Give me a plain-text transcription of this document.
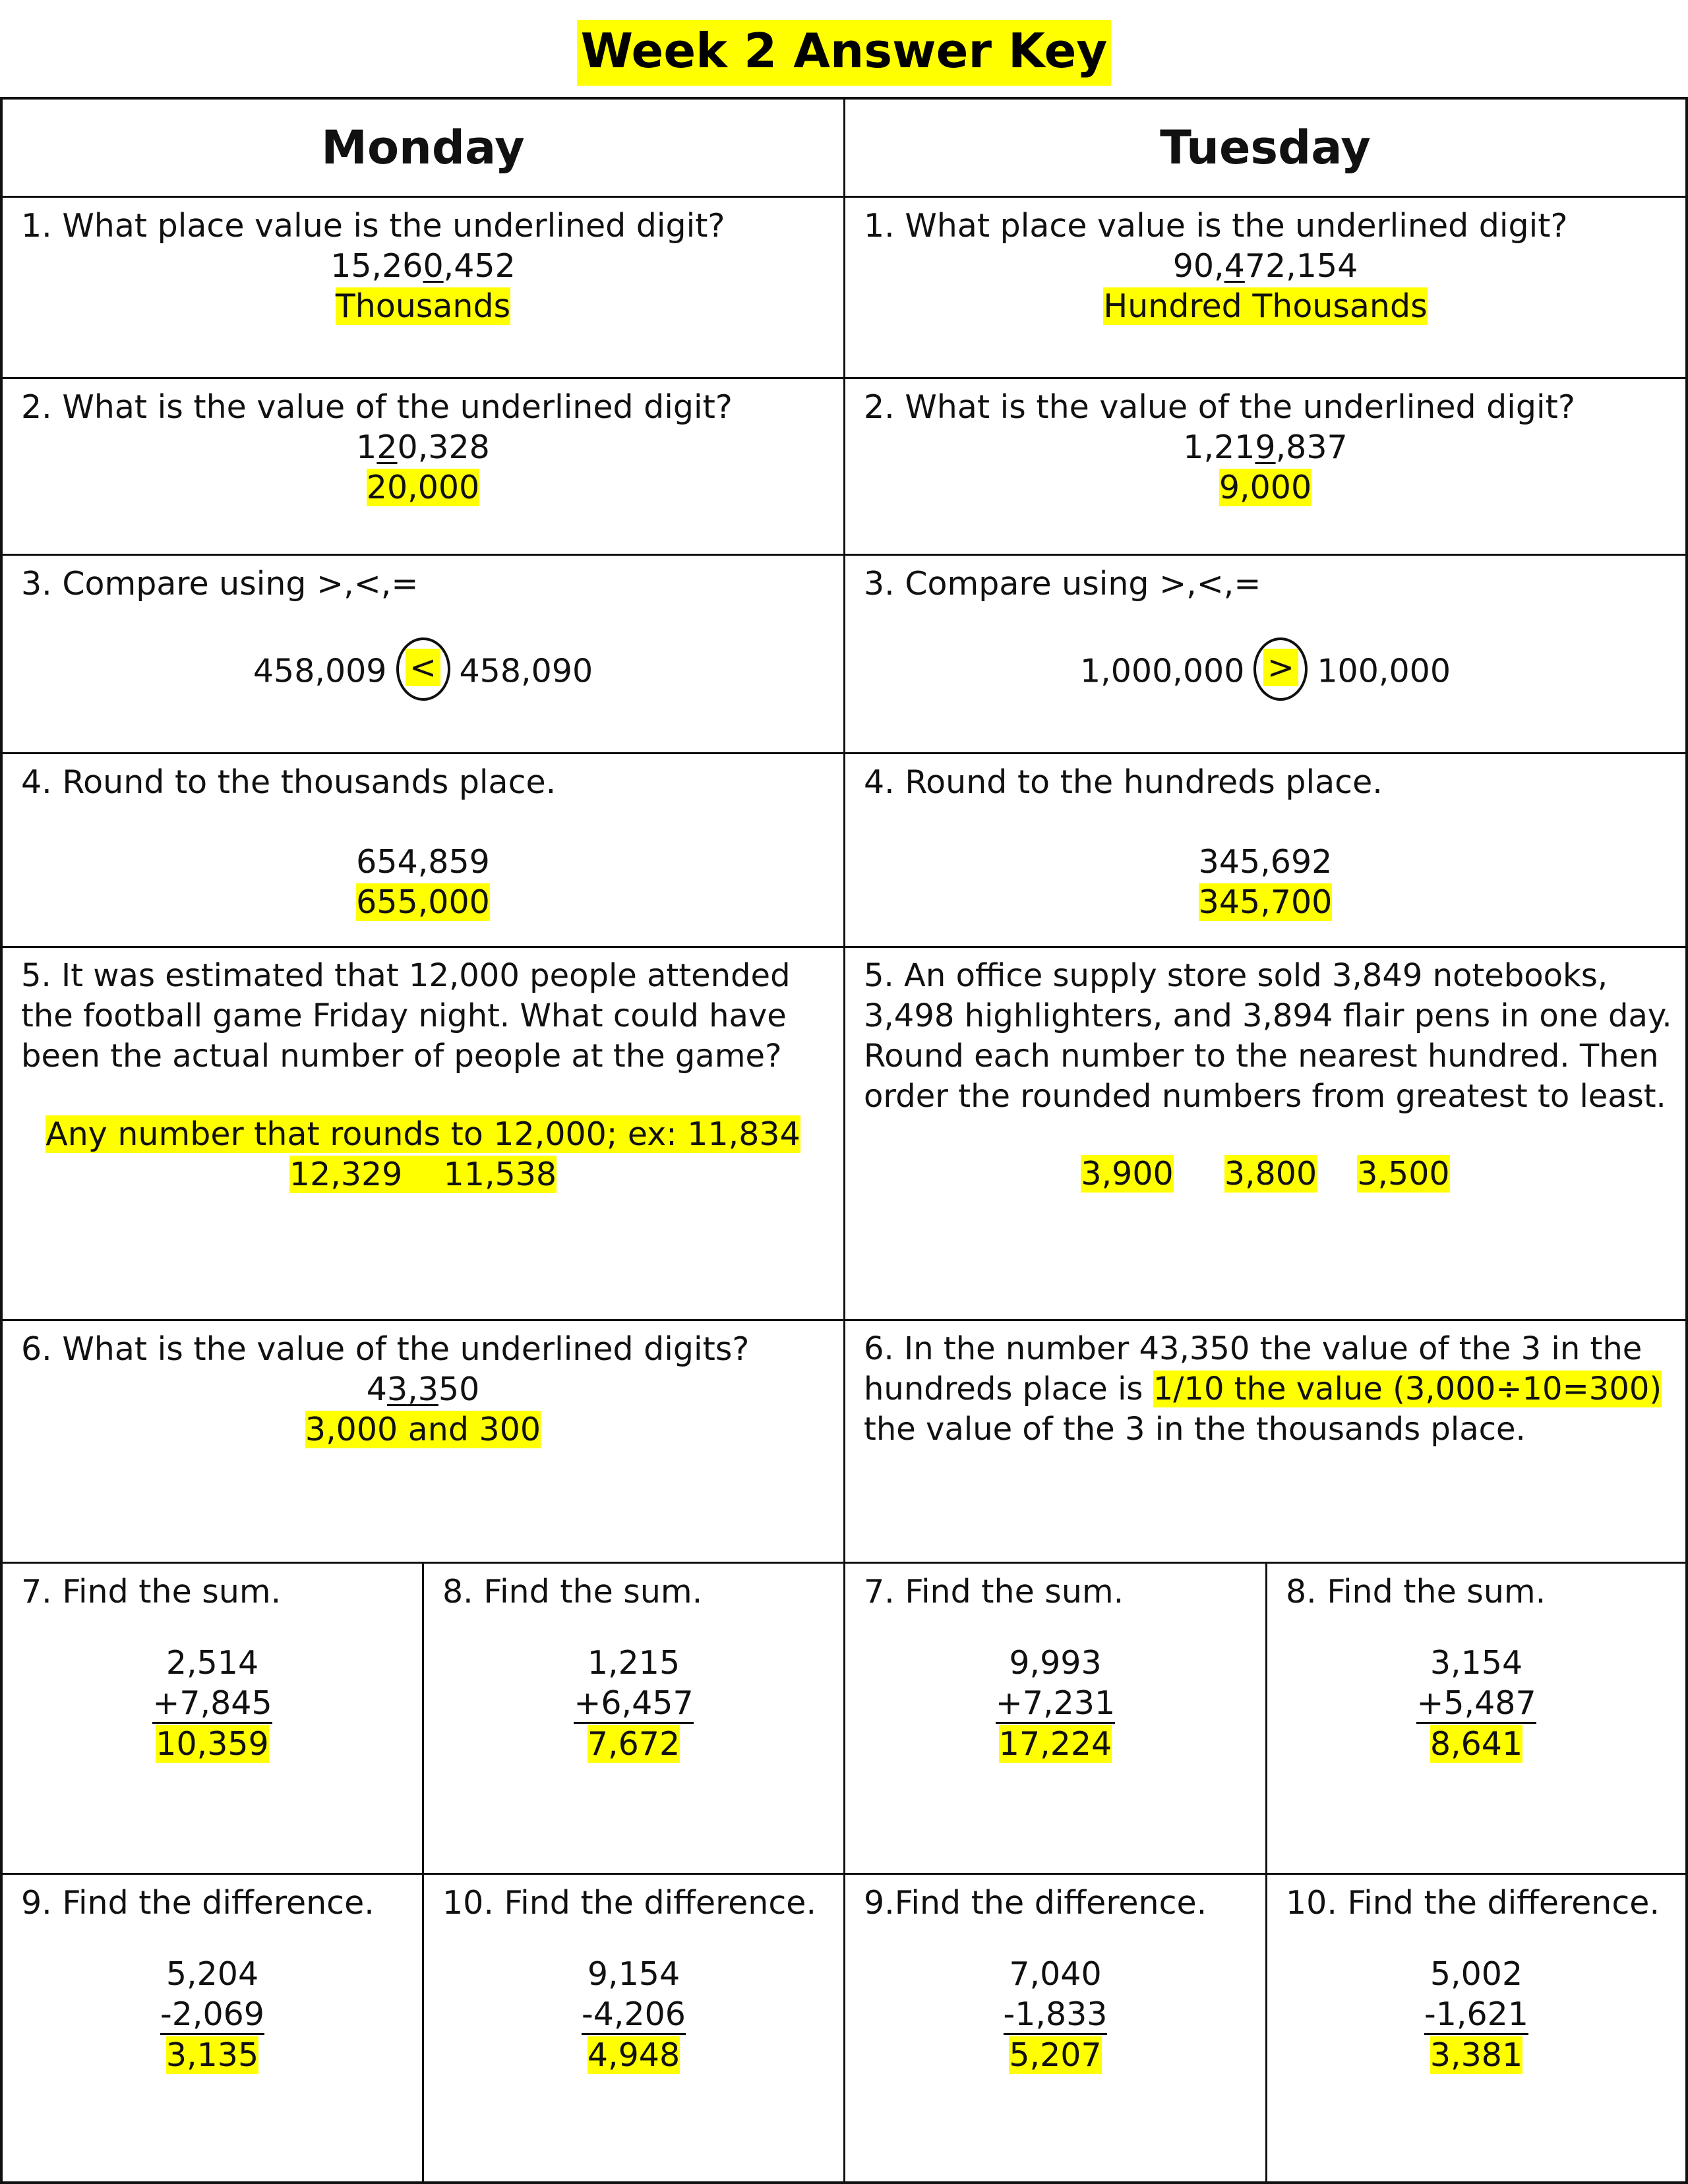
Week 2 Answer Key
Monday	Tuesday
1. What place value is the underlined digit?
15,260,452
Thousands
1. What place value is the underlined digit?
90,472,154
Hundred Thousands
2. What is the value of the underlined digit?
120,328
20,000
2. What is the value of the underlined digit?
1,219,837
9,000
3. Compare using >,<,=
458,009 < 458,090
3. Compare using >,<,=
1,000,000 > 100,000
4. Round to the thousands place.
654,859
655,000
4. Round to the hundreds place.
345,692
345,700
5. It was estimated that 12,000 people attended the football game Friday night. What could have been the actual number of people at the game?
Any number that rounds to 12,000; ex: 11,834
12,329    11,538
5. An office supply store sold 3,849 notebooks, 3,498 highlighters, and 3,894 flair pens in one day. Round each number to the nearest hundred. Then order the rounded numbers from greatest to least.
3,900 3,800 3,500
6. What is the value of the underlined digits?
43,350
3,000 and 300
6. In the number 43,350 the value of the 3 in the hundreds place is 1/10 the value (3,000÷10=300) the value of the 3 in the thousands place.
7. Find the sum.
2,514
+7,845
10,359
8. Find the sum.
1,215
+6,457
7,672
7. Find the sum.
9,993
+7,231
17,224
8. Find the sum.
3,154
+5,487
8,641
9. Find the difference.
5,204
-2,069
3,135
10. Find the difference.
9,154
-4,206
4,948
9.Find the difference.
7,040
-1,833
5,207
10. Find the difference.
5,002
-1,621
3,381
